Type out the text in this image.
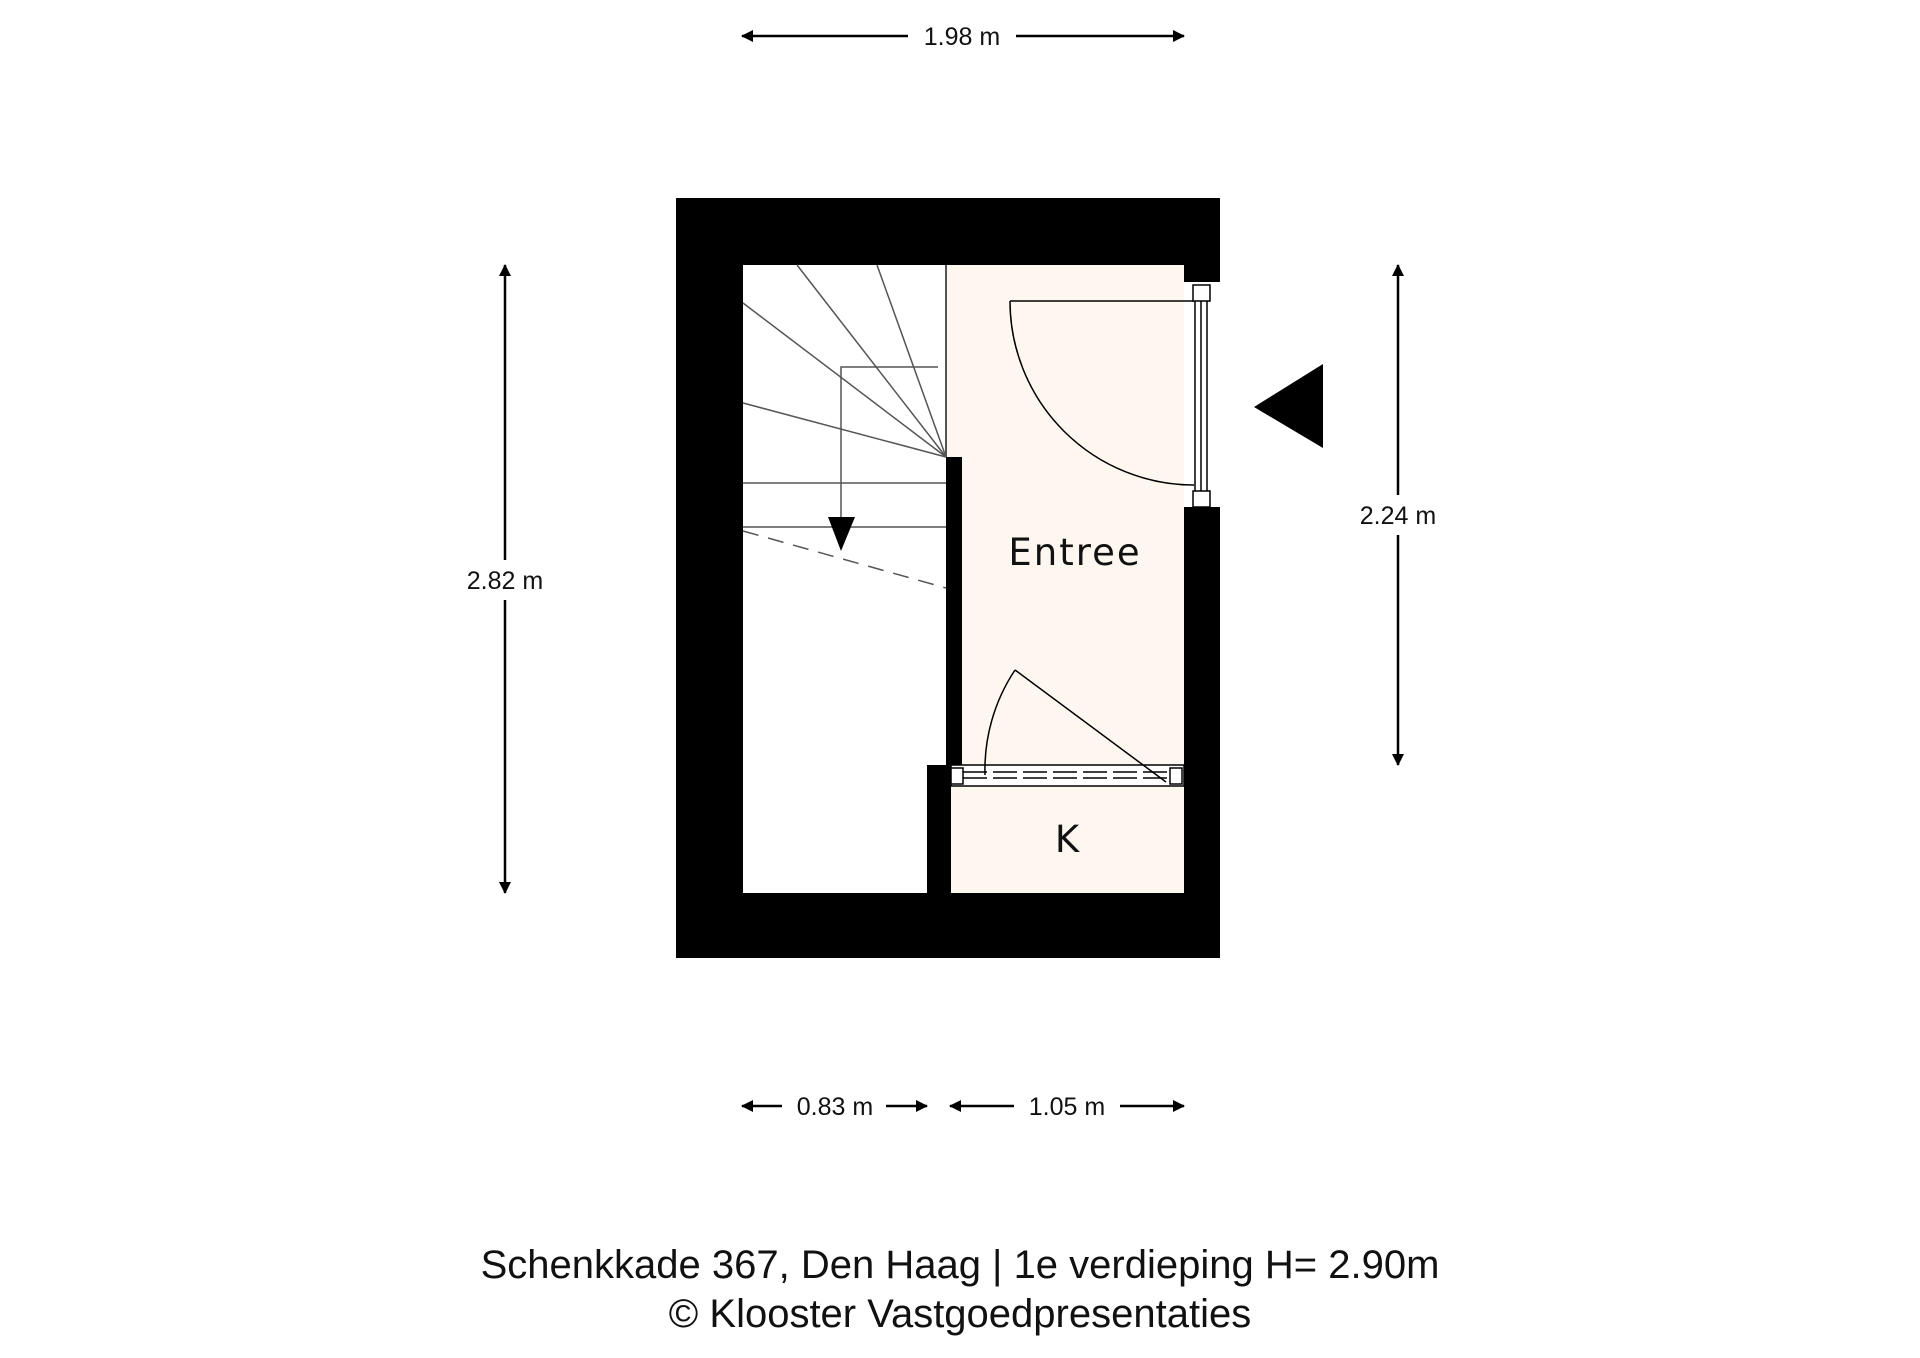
Entree
K
1.98 m
2.82 m
2.24 m
0.83 m	1.05 m
Schenkkade 367, Den Haag | 1e verdieping H= 2.90m
© Klooster Vastgoedpresentaties
